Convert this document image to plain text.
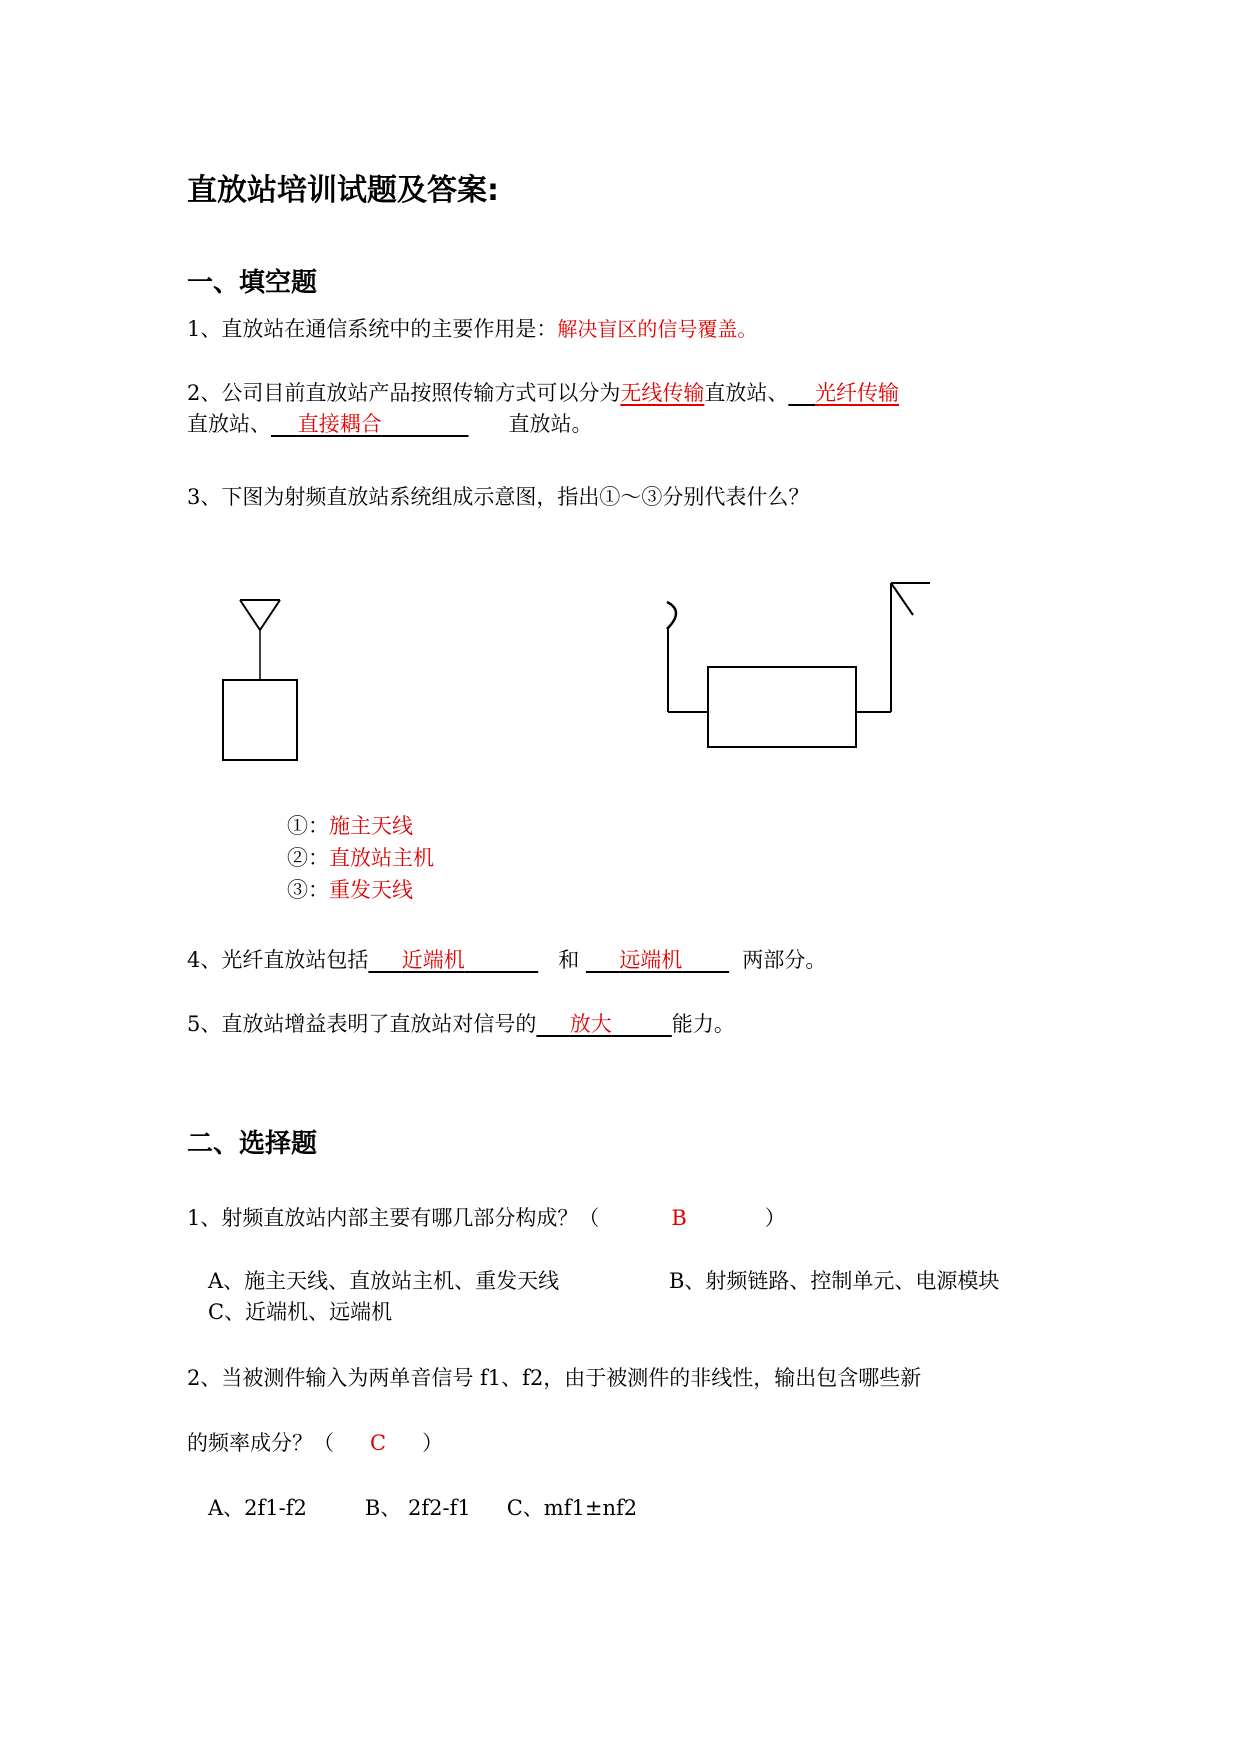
直放站培训试题及答案:
一、填空题
1、直放站在通信系统中的主要作用是：解决盲区的信号覆盖。
2、公司目前直放站产品按照传输方式可以分为无线传输直放站、 光纤传输
直放站、 直接耦合	直放站。
3、下图为射频直放站系统组成示意图，指出①～③分别代表什么？
①：施主天线
②：直放站主机
③：重发天线
4、光纤直放站包括 近端机	和 远端机	两部分。
5、直放站增益表明了直放站对信号的 放大	能力。
二、选择题
1、射频直放站内部主要有哪几部分构成？（	B	）
A、施主天线、直放站主机、重发天线	B、射频链路、控制单元、电源模块
C、近端机、远端机
2、当被测件输入为两单音信号 f1、f2，由于被测件的非线性，输出包含哪些新
的频率成分？（ C ）
A、2f1-f2	B、 2f2-f1 C、mf1±nf2
